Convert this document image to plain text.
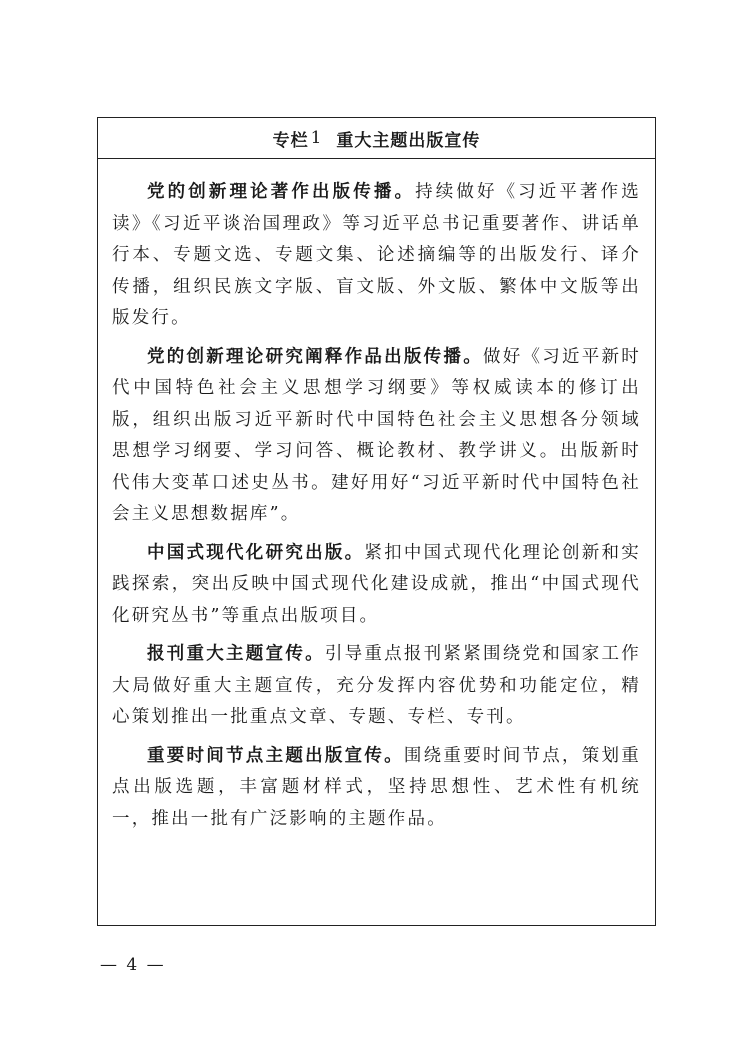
专栏 1 重大主题出版宣传

党的创新理论著作出版传播。持续做好《习近平著作选读》《习近平谈治国理政》等习近平总书记重要著作、讲话单行本、专题文选、专题文集、论述摘编等的出版发行、译介传播，组织民族文字版、盲文版、外文版、繁体中文版等出版发行。

党的创新理论研究阐释作品出版传播。做好《习近平新时代中国特色社会主义思想学习纲要》等权威读本的修订出版，组织出版习近平新时代中国特色社会主义思想各分领域思想学习纲要、学习问答、概论教材、教学讲义。出版新时代伟大变革口述史丛书。建好用好“习近平新时代中国特色社会主义思想数据库”。

中国式现代化研究出版。紧扣中国式现代化理论创新和实践探索，突出反映中国式现代化建设成就，推出“中国式现代化研究丛书”等重点出版项目。

报刊重大主题宣传。引导重点报刊紧紧围绕党和国家工作大局做好重大主题宣传，充分发挥内容优势和功能定位，精心策划推出一批重点文章、专题、专栏、专刊。

重要时间节点主题出版宣传。围绕重要时间节点，策划重点出版选题，丰富题材样式，坚持思想性、艺术性有机统一，推出一批有广泛影响的主题作品。

— 4 —
